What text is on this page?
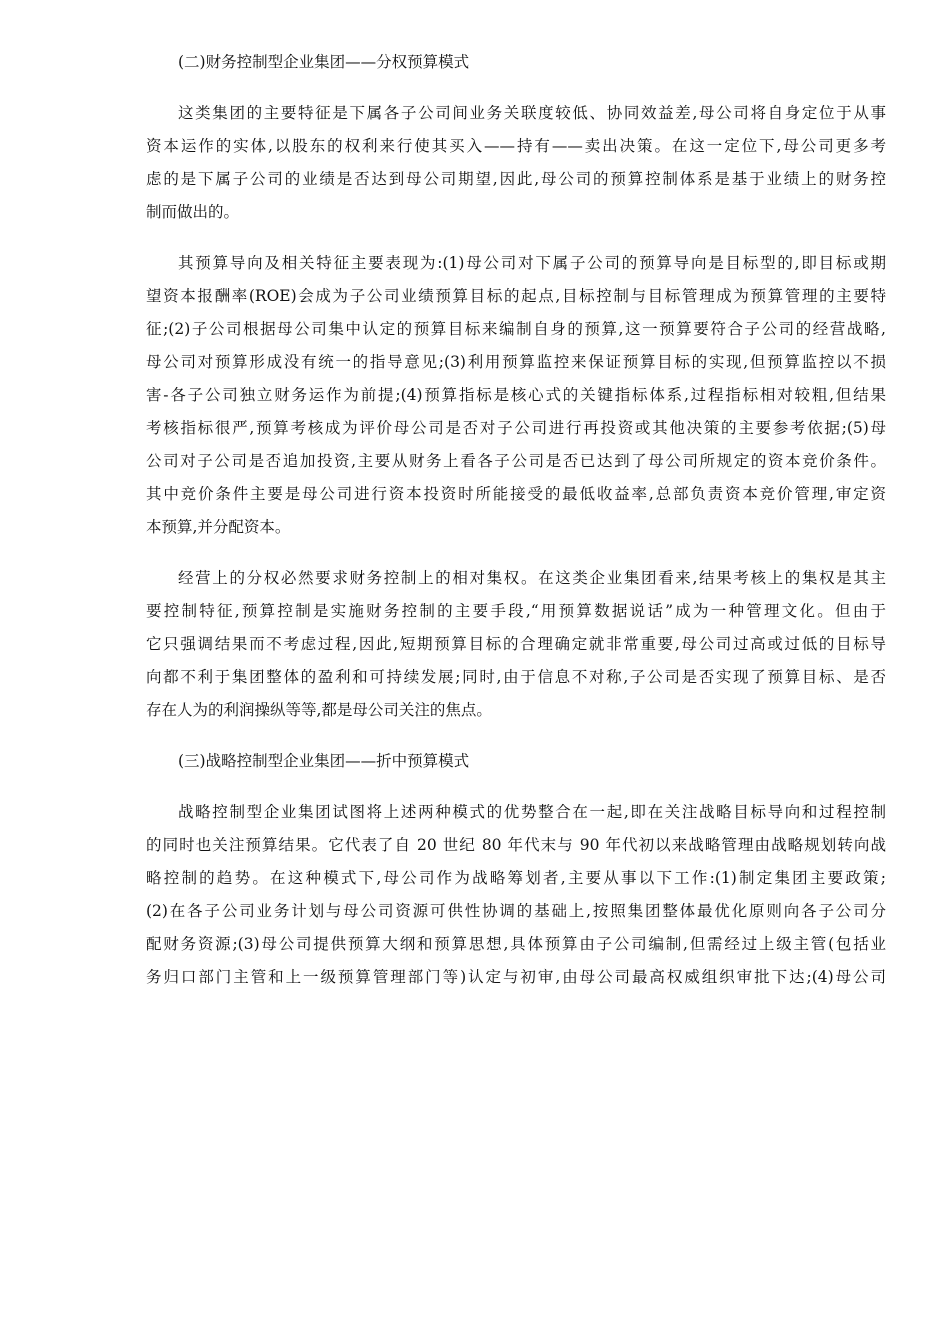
(二)财务控制型企业集团——分权预算模式
这类集团的主要特征是下属各子公司间业务关联度较低、协同效益差,母公司将自身定位于从事
资本运作的实体,以股东的权利来行使其买入——持有——卖出决策。在这一定位下,母公司更多考
虑的是下属子公司的业绩是否达到母公司期望,因此,母公司的预算控制体系是基于业绩上的财务控
制而做出的。
其预算导向及相关特征主要表现为:(1)母公司对下属子公司的预算导向是目标型的,即目标或期
望资本报酬率(ROE)会成为子公司业绩预算目标的起点,目标控制与目标管理成为预算管理的主要特
征;(2)子公司根据母公司集中认定的预算目标来编制自身的预算,这一预算要符合子公司的经营战略,
母公司对预算形成没有统一的指导意见;(3)利用预算监控来保证预算目标的实现,但预算监控以不损
害-各子公司独立财务运作为前提;(4)预算指标是核心式的关键指标体系,过程指标相对较粗,但结果
考核指标很严,预算考核成为评价母公司是否对子公司进行再投资或其他决策的主要参考依据;(5)母
公司对子公司是否追加投资,主要从财务上看各子公司是否已达到了母公司所规定的资本竞价条件。
其中竞价条件主要是母公司进行资本投资时所能接受的最低收益率,总部负责资本竞价管理,审定资
本预算,并分配资本。
经营上的分权必然要求财务控制上的相对集权。在这类企业集团看来,结果考核上的集权是其主
要控制特征,预算控制是实施财务控制的主要手段,“用预算数据说话”成为一种管理文化。但由于
它只强调结果而不考虑过程,因此,短期预算目标的合理确定就非常重要,母公司过高或过低的目标导
向都不利于集团整体的盈利和可持续发展;同时,由于信息不对称,子公司是否实现了预算目标、是否
存在人为的利润操纵等等,都是母公司关注的焦点。
(三)战略控制型企业集团——折中预算模式
战略控制型企业集团试图将上述两种模式的优势整合在一起,即在关注战略目标导向和过程控制
的同时也关注预算结果。它代表了自 20 世纪 80 年代末与 90 年代初以来战略管理由战略规划转向战
略控制的趋势。在这种模式下,母公司作为战略筹划者,主要从事以下工作:(1)制定集团主要政策;
(2)在各子公司业务计划与母公司资源可供性协调的基础上,按照集团整体最优化原则向各子公司分
配财务资源;(3)母公司提供预算大纲和预算思想,具体预算由子公司编制,但需经过上级主管(包括业
务归口部门主管和上一级预算管理部门等)认定与初审,由母公司最高权威组织审批下达;(4)母公司
